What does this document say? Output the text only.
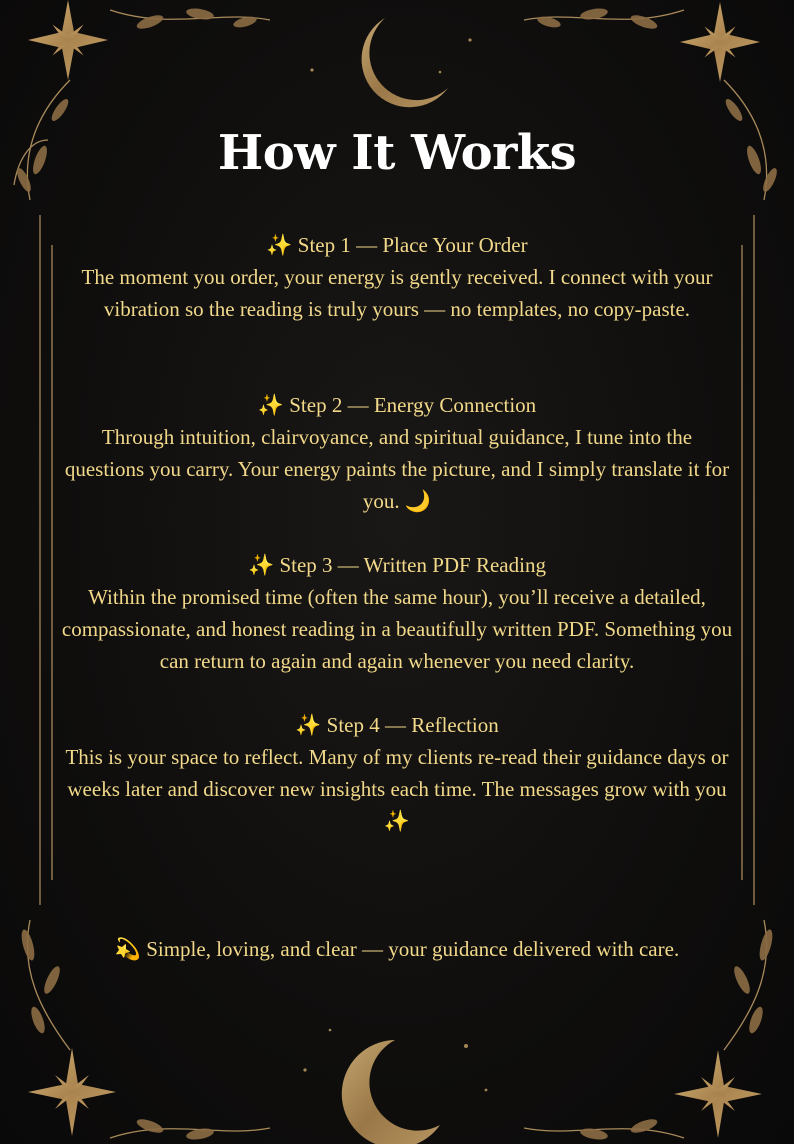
How It Works
✨ Step 1 — Place Your Order
The moment you order, your energy is gently received. I connect with your vibration so the reading is truly yours — no templates, no copy-paste.
✨ Step 2 — Energy Connection
Through intuition, clairvoyance, and spiritual guidance, I tune into the questions you carry. Your energy paints the picture, and I simply translate it for you. 🌙
✨ Step 3 — Written PDF Reading
Within the promised time (often the same hour), you’ll receive a detailed, compassionate, and honest reading in a beautifully written PDF. Something you can return to again and again whenever you need clarity.
✨ Step 4 — Reflection
This is your space to reflect. Many of my clients re-read their guidance days or weeks later and discover new insights each time. The messages grow with you ✨
💫 Simple, loving, and clear — your guidance delivered with care.
